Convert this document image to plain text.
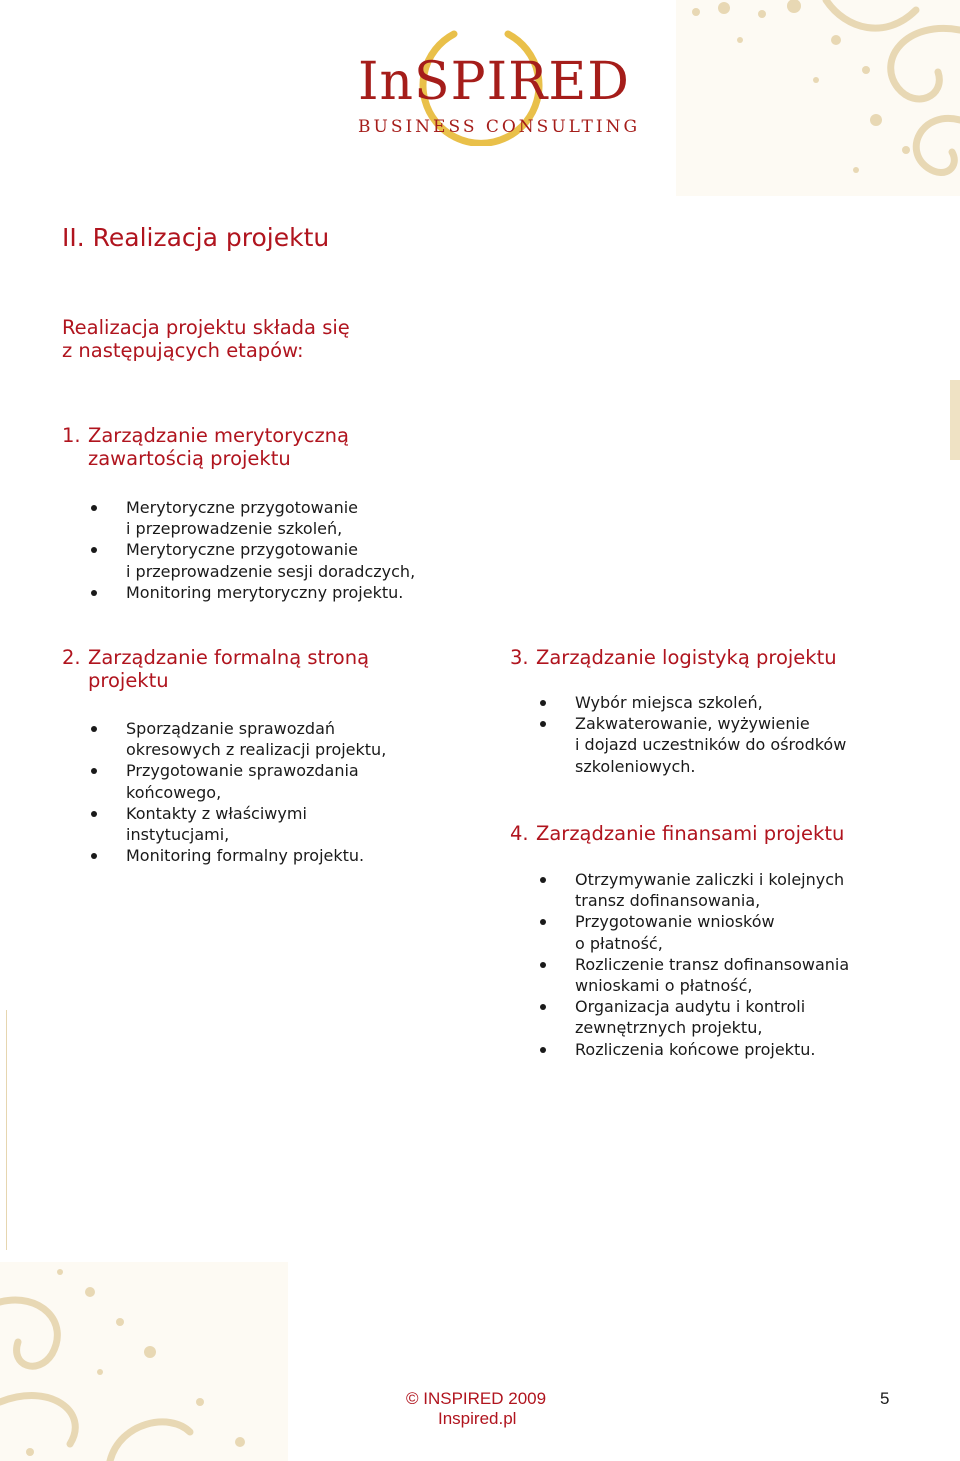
InSPIRED
BUSINESS CONSULTING
II. Realizacja projektu
Realizacja projektu składa się
z następujących etapów:
1. Zarządzanie merytoryczną
zawartością projektu
Merytoryczne przygotowanie
i przeprowadzenie szkoleń,
Merytoryczne przygotowanie
i przeprowadzenie sesji doradczych,
Monitoring merytoryczny projektu.
2. Zarządzanie formalną stroną
projektu
Sporządzanie sprawozdań
okresowych z realizacji projektu,
Przygotowanie sprawozdania
końcowego,
Kontakty z właściwymi
instytucjami,
Monitoring formalny projektu.
3. Zarządzanie logistyką projektu
Wybór miejsca szkoleń,
Zakwaterowanie, wyżywienie
i dojazd uczestników do ośrodków
szkoleniowych.
4. Zarządzanie finansami projektu
Otrzymywanie zaliczki i kolejnych
transz dofinansowania,
Przygotowanie wniosków
o płatność,
Rozliczenie transz dofinansowania
wnioskami o płatność,
Organizacja audytu i kontroli
zewnętrznych projektu,
Rozliczenia końcowe projektu.
© INSPIRED 2009
Inspired.pl
5
